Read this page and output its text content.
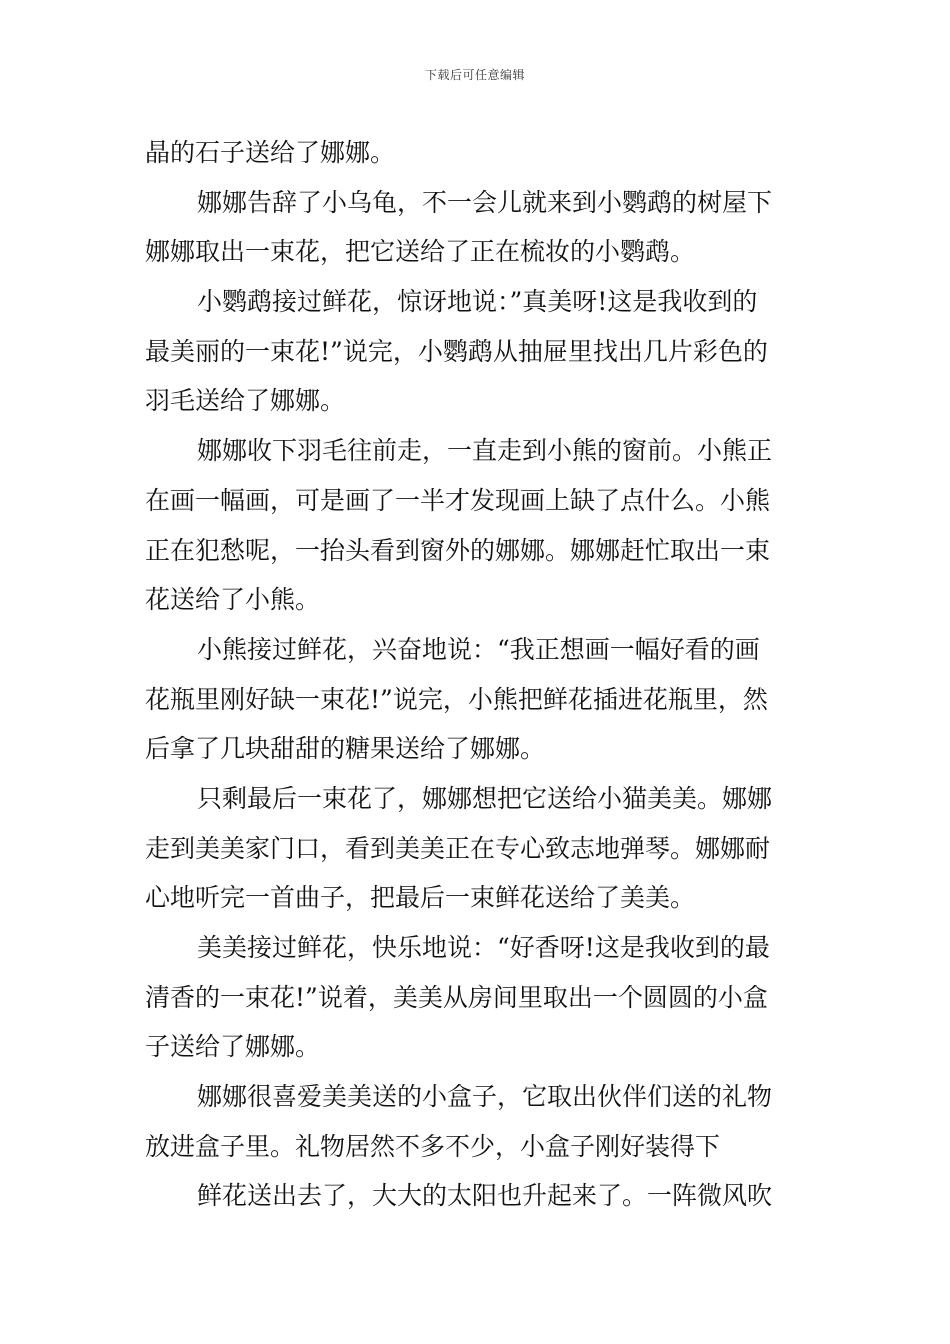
下载后可任意编辑
晶的石子送给了娜娜。
娜娜告辞了小乌龟，不一会儿就来到小鹦鹉的树屋下
娜娜取出一束花，把它送给了正在梳妆的小鹦鹉。
小鹦鹉接过鲜花，惊讶地说：”真美呀!这是我收到的
最美丽的一束花!”说完，小鹦鹉从抽屉里找出几片彩色的
羽毛送给了娜娜。
娜娜收下羽毛往前走，一直走到小熊的窗前。小熊正
在画一幅画，可是画了一半才发现画上缺了点什么。小熊
正在犯愁呢，一抬头看到窗外的娜娜。娜娜赶忙取出一束
花送给了小熊。
小熊接过鲜花，兴奋地说：“我正想画一幅好看的画
花瓶里刚好缺一束花!”说完，小熊把鲜花插进花瓶里，然
后拿了几块甜甜的糖果送给了娜娜。
只剩最后一束花了，娜娜想把它送给小猫美美。娜娜
走到美美家门口，看到美美正在专心致志地弹琴。娜娜耐
心地听完一首曲子，把最后一束鲜花送给了美美。
美美接过鲜花，快乐地说：“好香呀!这是我收到的最
清香的一束花!”说着，美美从房间里取出一个圆圆的小盒
子送给了娜娜。
娜娜很喜爱美美送的小盒子，它取出伙伴们送的礼物
放进盒子里。礼物居然不多不少，小盒子刚好装得下
鲜花送出去了，大大的太阳也升起来了。一阵微风吹
